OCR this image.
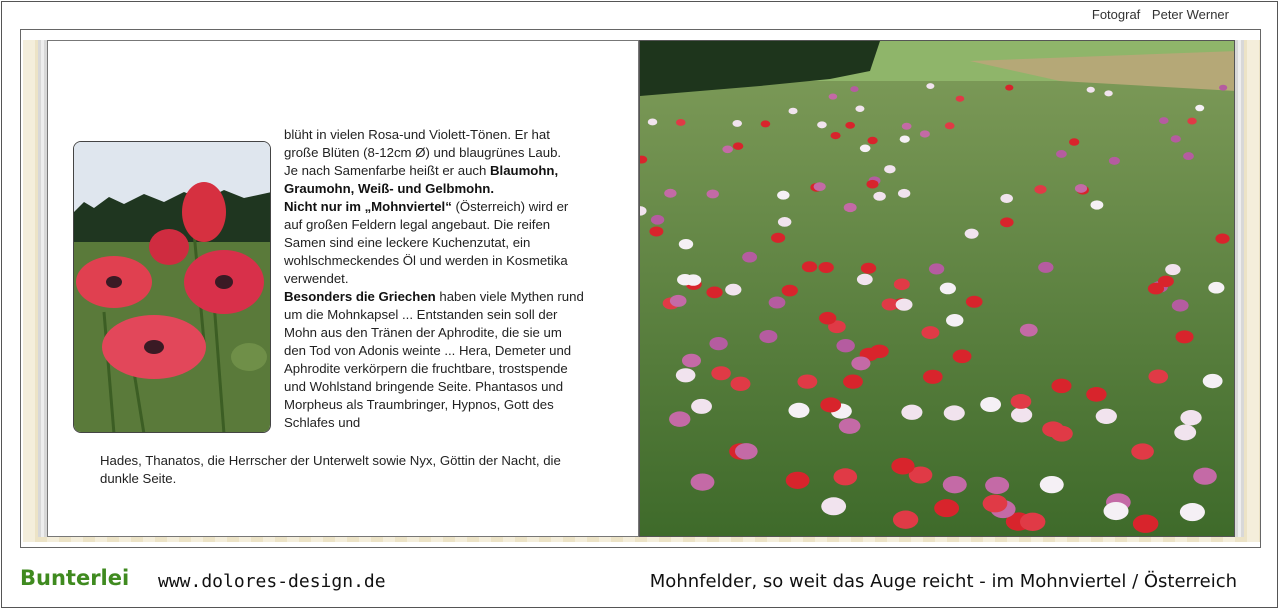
Fotograf Peter Werner
blüht in vielen Rosa-und Violett-Tönen. Er hat große Blüten (8-12cm Ø) und blaugrünes Laub.
Je nach Samenfarbe heißt er auch Blaumohn, Graumohn, Weiß- und Gelbmohn.
Nicht nur im „Mohnviertel“ (Österreich) wird er auf großen Feldern legal angebaut. Die reifen Samen sind eine leckere Kuchenzutat, ein wohlschmeckendes Öl und werden in Kosmetika verwendet.
Besonders die Griechen haben viele Mythen rund um die Mohnkapsel ... Entstanden sein soll der Mohn aus den Tränen der Aphrodite, die sie um den Tod von Adonis weinte ... Hera, Demeter und Aphrodite verkörpern die fruchtbare, trostspende und Wohlstand bringende Seite. Phantasos und Morpheus als Traumbringer, Hypnos, Gott des Schlafes und
Hades, Thanatos, die Herrscher der Unterwelt sowie Nyx, Göttin der Nacht, die dunkle Seite.
Bunterlei www.dolores-design.de	Mohnfelder, so weit das Auge reicht - im Mohnviertel / Österreich
